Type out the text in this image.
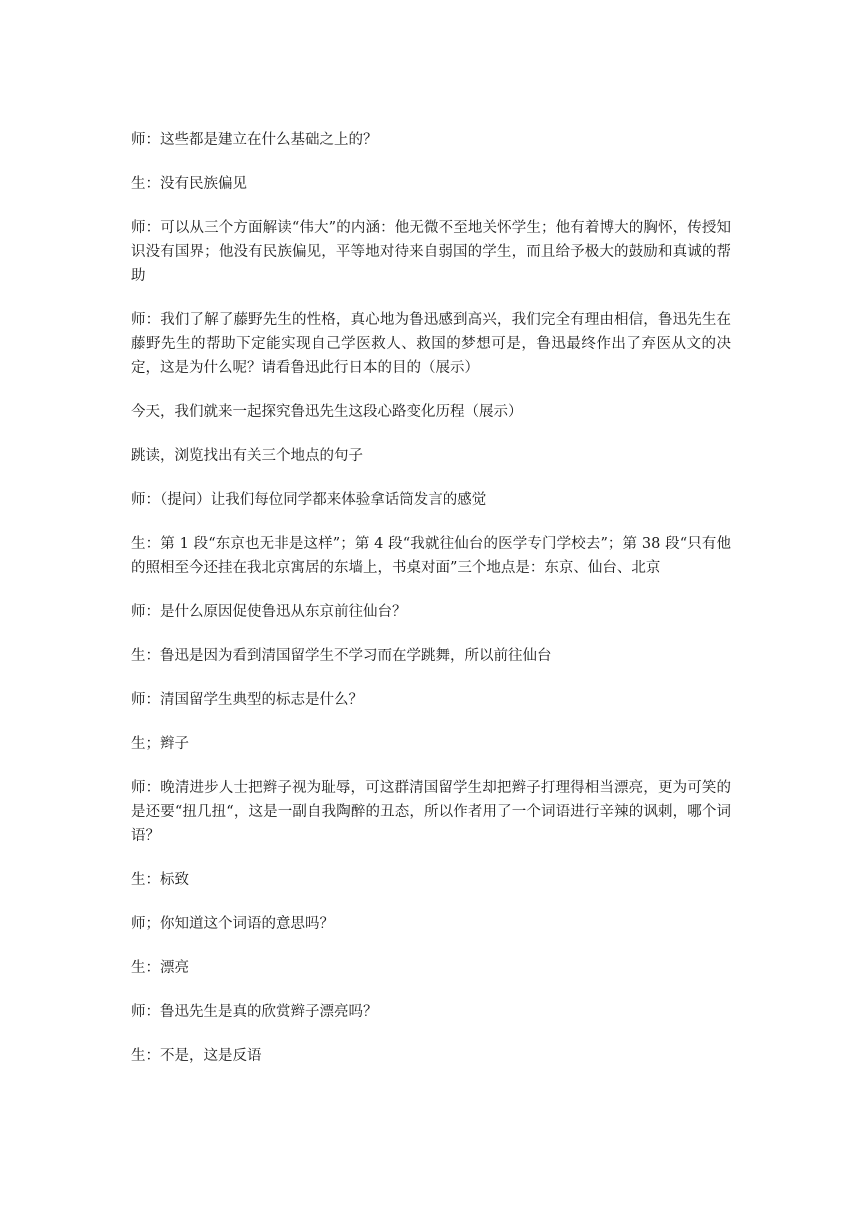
师：这些都是建立在什么基础之上的？

生：没有民族偏见

师：可以从三个方面解读“伟大”的内涵：他无微不至地关怀学生；他有着博大的胸怀，传授知识没有国界；他没有民族偏见，平等地对待来自弱国的学生，而且给予极大的鼓励和真诚的帮助

师：我们了解了藤野先生的性格，真心地为鲁迅感到高兴，我们完全有理由相信，鲁迅先生在藤野先生的帮助下定能实现自己学医救人、救国的梦想可是，鲁迅最终作出了弃医从文的决定，这是为什么呢？请看鲁迅此行日本的目的（展示）

今天，我们就来一起探究鲁迅先生这段心路变化历程（展示）

跳读，浏览找出有关三个地点的句子

师：（提问）让我们每位同学都来体验拿话筒发言的感觉

生：第 1 段“东京也无非是这样”；第 4 段“我就往仙台的医学专门学校去”；第 38 段“只有他的照相至今还挂在我北京寓居的东墙上，书桌对面”三个地点是：东京、仙台、北京

师：是什么原因促使鲁迅从东京前往仙台？

生：鲁迅是因为看到清国留学生不学习而在学跳舞，所以前往仙台

师：清国留学生典型的标志是什么？

生；辫子

师：晚清进步人士把辫子视为耻辱，可这群清国留学生却把辫子打理得相当漂亮，更为可笑的是还要“扭几扭“，这是一副自我陶醉的丑态，所以作者用了一个词语进行辛辣的讽刺，哪个词语？

生：标致

师；你知道这个词语的意思吗？

生：漂亮

师：鲁迅先生是真的欣赏辫子漂亮吗？

生：不是，这是反语
